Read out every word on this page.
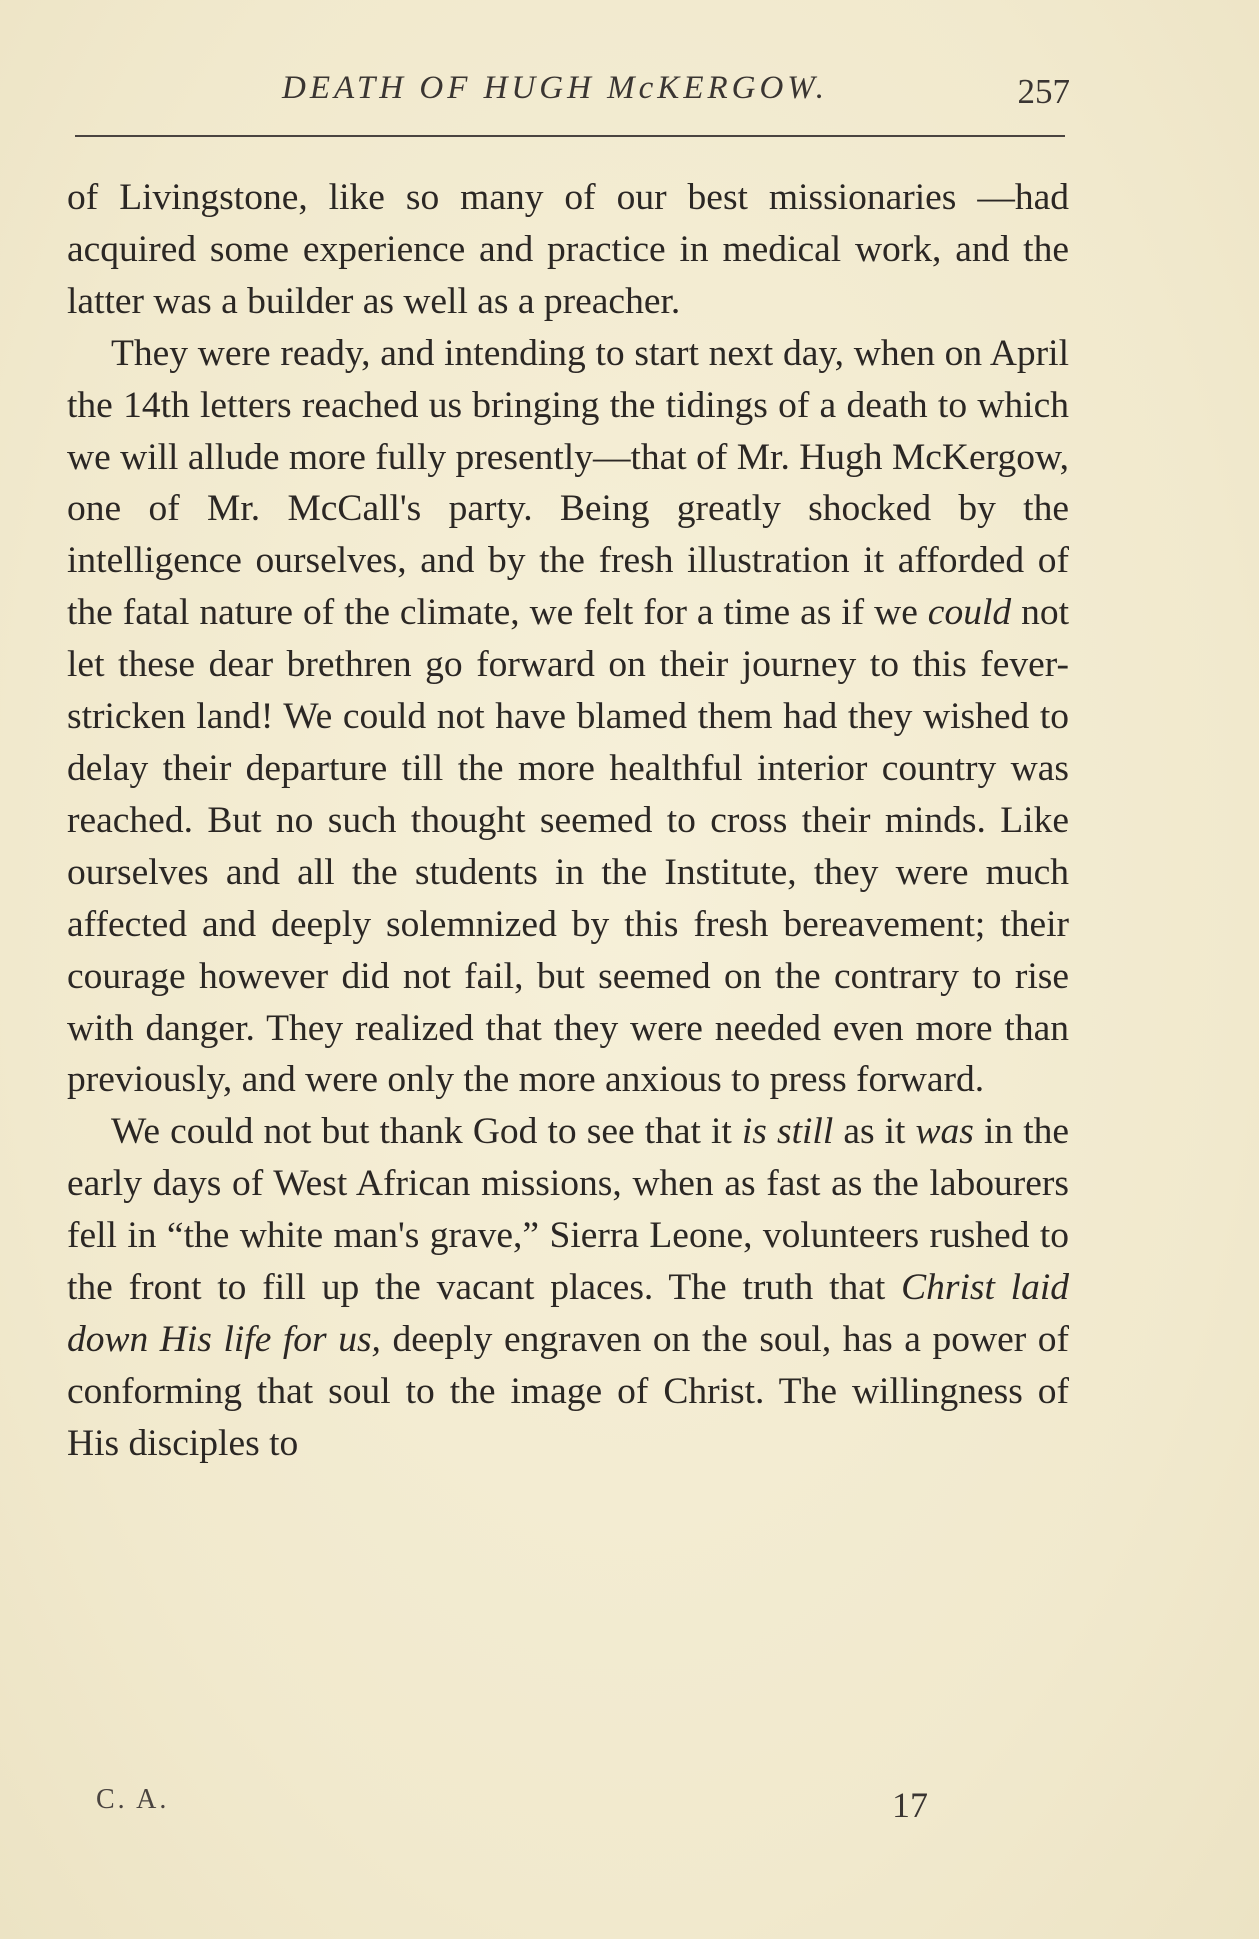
DEATH OF HUGH McKERGOW.	257

of Livingstone, like so many of our best missionaries —had acquired some experience and practice in medical work, and the latter was a builder as well as a preacher.

They were ready, and intending to start next day, when on April the 14th letters reached us bringing the tidings of a death to which we will allude more fully presently—that of Mr. Hugh McKergow, one of Mr. McCall's party. Being greatly shocked by the intelligence ourselves, and by the fresh illustration it afforded of the fatal nature of the climate, we felt for a time as if we could not let these dear brethren go forward on their journey to this fever-stricken land! We could not have blamed them had they wished to delay their departure till the more healthful interior country was reached. But no such thought seemed to cross their minds. Like ourselves and all the students in the Institute, they were much affected and deeply solemnized by this fresh bereavement; their courage however did not fail, but seemed on the contrary to rise with danger. They realized that they were needed even more than previously, and were only the more anxious to press forward.

We could not but thank God to see that it is still as it was in the early days of West African missions, when as fast as the labourers fell in “the white man's grave,” Sierra Leone, volunteers rushed to the front to fill up the vacant places. The truth that Christ laid down His life for us, deeply engraven on the soul, has a power of conforming that soul to the image of Christ. The willingness of His disciples to

C. A.	17
